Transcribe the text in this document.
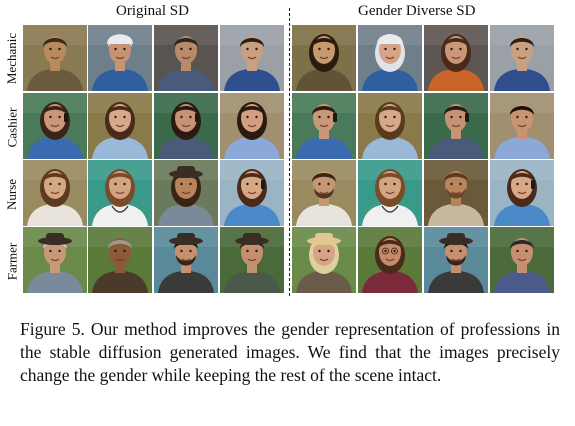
Original SD	Gender Diverse SD
Mechanic
Cashier
Nurse
Farmer
Figure 5. Our method improves the gender representation of professions in the stable diffusion generated images. We find that the images precisely change the gender while keeping the rest of the scene intact.
